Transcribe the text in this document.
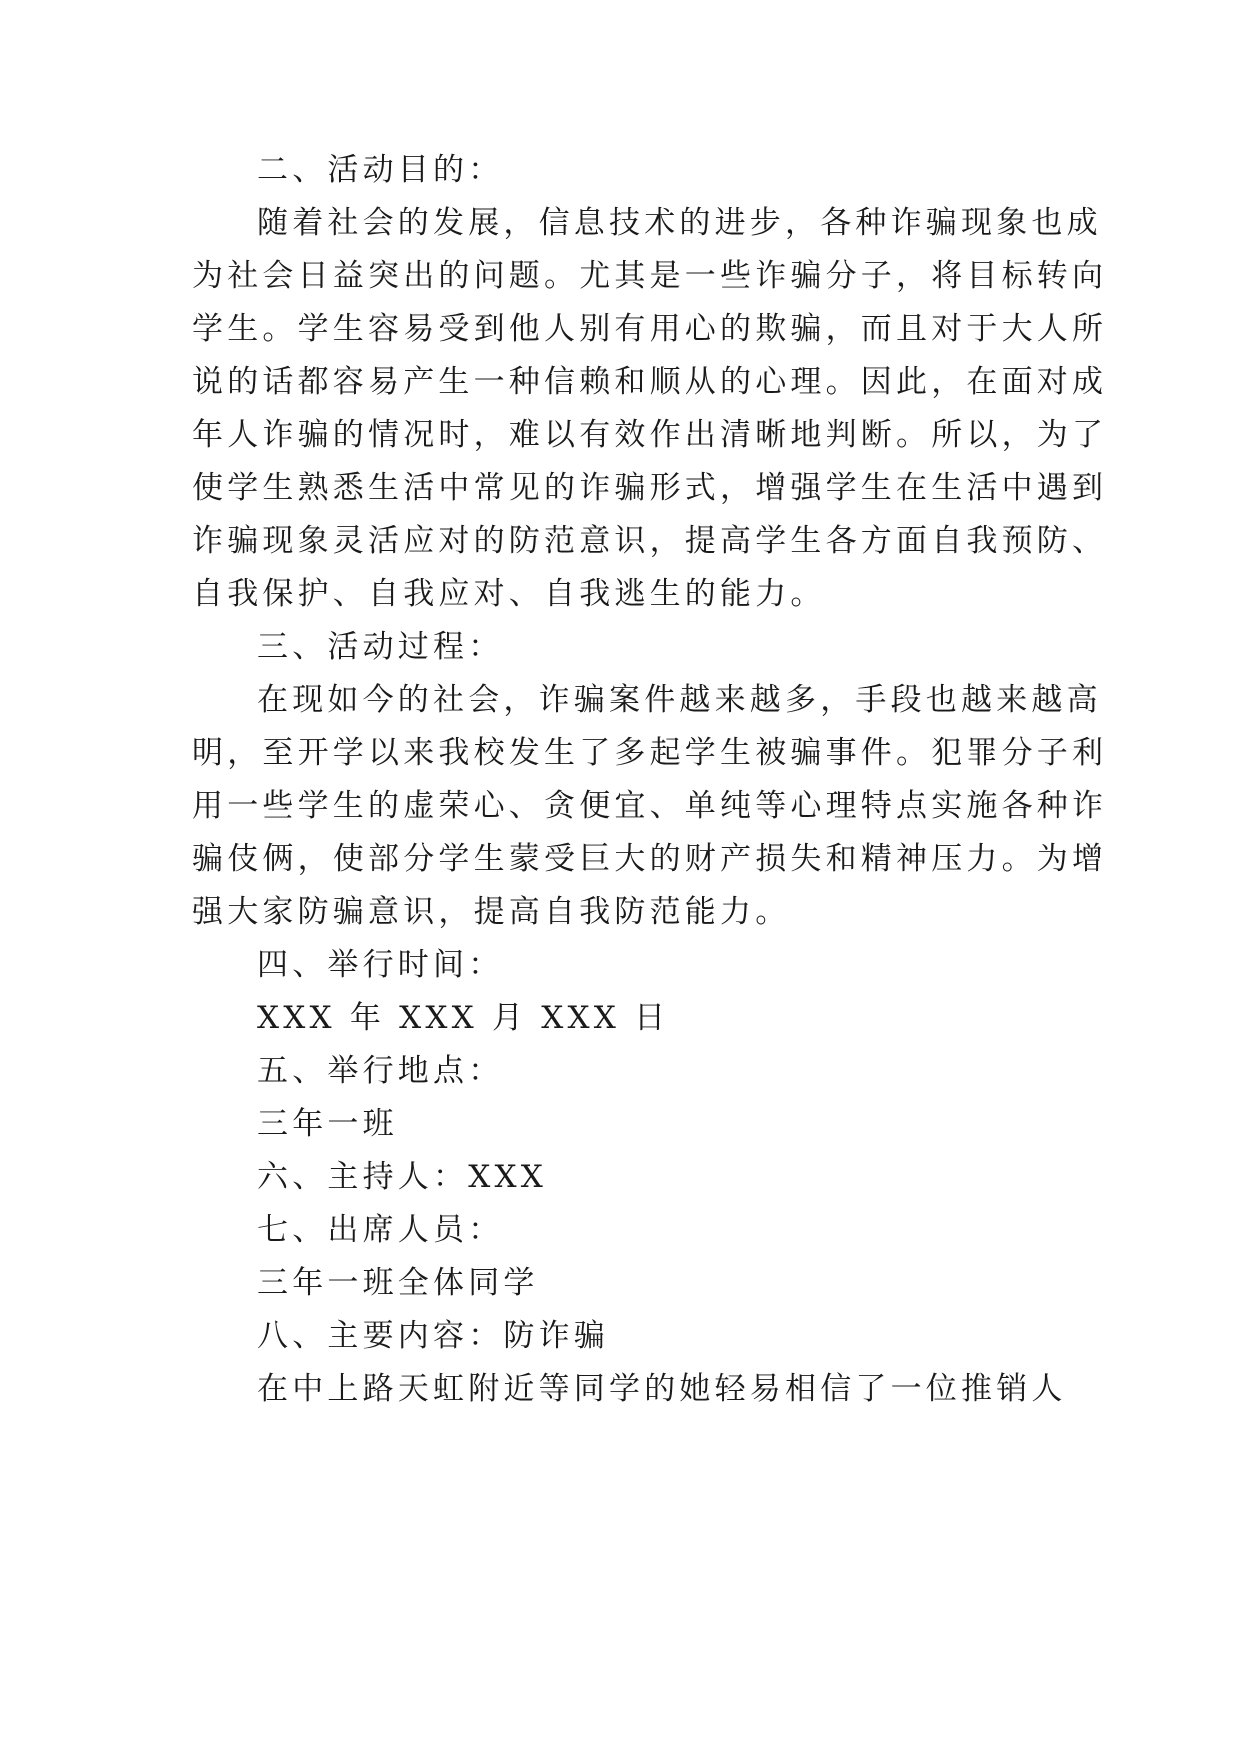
二、活动目的：

随着社会的发展，信息技术的进步，各种诈骗现象也成

为社会日益突出的问题。尤其是一些诈骗分子，将目标转向

学生。学生容易受到他人别有用心的欺骗，而且对于大人所

说的话都容易产生一种信赖和顺从的心理。因此，在面对成

年人诈骗的情况时，难以有效作出清晰地判断。所以，为了

使学生熟悉生活中常见的诈骗形式，增强学生在生活中遇到

诈骗现象灵活应对的防范意识，提高学生各方面自我预防、

自我保护、自我应对、自我逃生的能力。

三、活动过程：

在现如今的社会，诈骗案件越来越多，手段也越来越高

明，至开学以来我校发生了多起学生被骗事件。犯罪分子利

用一些学生的虚荣心、贪便宜、单纯等心理特点实施各种诈

骗伎俩，使部分学生蒙受巨大的财产损失和精神压力。为增

强大家防骗意识，提高自我防范能力。

四、举行时间：

XXX 年 XXX 月 XXX 日

五、举行地点：

三年一班

六、主持人：XXX

七、出席人员：

三年一班全体同学

八、主要内容：防诈骗

在中上路天虹附近等同学的她轻易相信了一位推销人
